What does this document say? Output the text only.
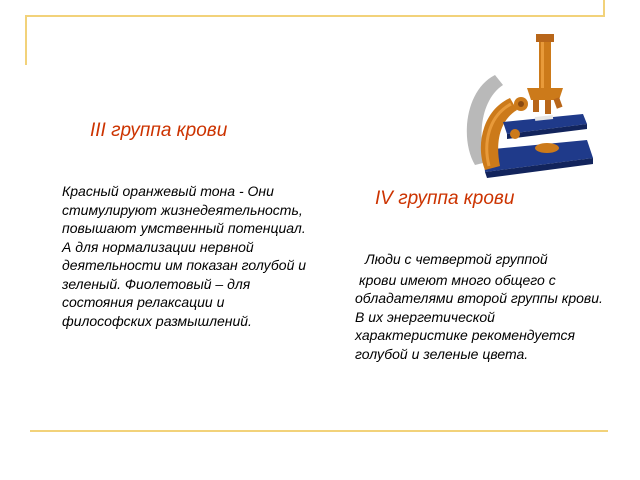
III группа крови

Красный оранжевый тона - Они стимулируют жизнедеятельность, повышают умственный потенциал. А для нормализации нервной деятельности им показан голубой и зеленый. Фиолетовый – для состояния релаксации и философских размышлений.

IV группа крови
Люди с четвертой группой
крови имеют много общего с обладателями второй группы крови. В их энергетической характеристике рекомендуется голубой и зеленые цвета.
